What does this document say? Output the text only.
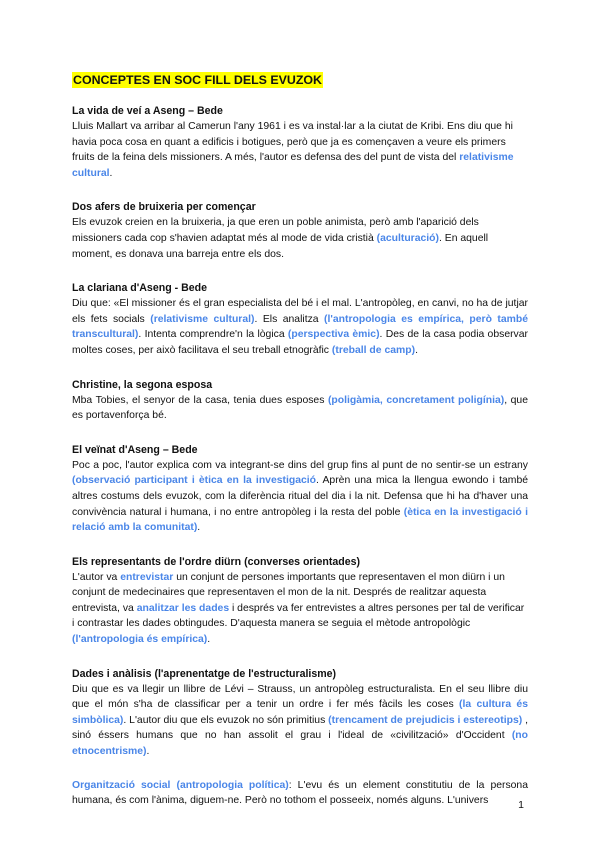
CONCEPTES EN SOC FILL DELS EVUZOK
La vida de veí a Aseng – Bede

Lluis Mallart va arribar al Camerun l'any 1961 i es va instal·lar a la ciutat de Kribi. Ens diu que hi havia poca cosa en quant a edificis i botigues, però que ja es començaven a veure els primers fruits de la feina dels missioners. A més, l'autor es defensa des del punt de vista del relativisme cultural.

Dos afers de bruixeria per començar

Els evuzok creien en la bruixeria, ja que eren un poble animista, però amb l'aparició dels missioners cada cop s'havien adaptat més al mode de vida cristià (aculturació). En aquell moment, es donava una barreja entre els dos.

La clariana d'Aseng - Bede

Diu que: «El missioner és el gran especialista del bé i el mal. L'antropòleg, en canvi, no ha de jutjar els fets socials (relativisme cultural). Els analitza (l'antropologia es empírica, però també transcultural). Intenta comprendre'n la lògica (perspectiva èmic). Des de la casa podia observar moltes coses, per això facilitava el seu treball etnogràfic (treball de camp).

Christine, la segona esposa

Mba Tobies, el senyor de la casa, tenia dues esposes (poligàmia, concretament poligínia), que es portavenforça bé.

El veïnat d'Aseng – Bede

Poc a poc, l'autor explica com va integrant-se dins del grup fins al punt de no sentir-se un estrany (observació participant i ètica en la investigació. Aprèn una mica la llengua ewondo i també altres costums dels evuzok, com la diferència ritual del dia i la nit. Defensa que hi ha d'haver una convivència natural i humana, i no entre antropòleg i la resta del poble (ètica en la investigació i relació amb la comunitat).

Els representants de l'ordre diürn (converses orientades)

L'autor va entrevistar un conjunt de persones importants que representaven el mon diürn i un conjunt de medecinaires que representaven el mon de la nit. Després de realitzar aquesta entrevista, va analitzar les dades i després va fer entrevistes a altres persones per tal de verificar i contrastar les dades obtingudes. D'aquesta manera se seguia el mètode antropològic (l'antropologia és empírica).

Dades i anàlisis (l'aprenentatge de l'estructuralisme)

Diu que es va llegir un llibre de Lévi – Strauss, un antropòleg estructuralista. En el seu llibre diu que el món s'ha de classificar per a tenir un ordre i fer més fàcils les coses (la cultura és simbòlica). L'autor diu que els evuzok no són primitius (trencament de prejudicis i estereotips) , sinó éssers humans que no han assolit el grau i l'ideal de «civilització» d'Occident (no etnocentrisme).

Organització social (antropologia política): L'evu és un element constitutiu de la persona humana, és com l'ànima, diguem-ne. Però no tothom el posseeix, només alguns. L'univers	1
